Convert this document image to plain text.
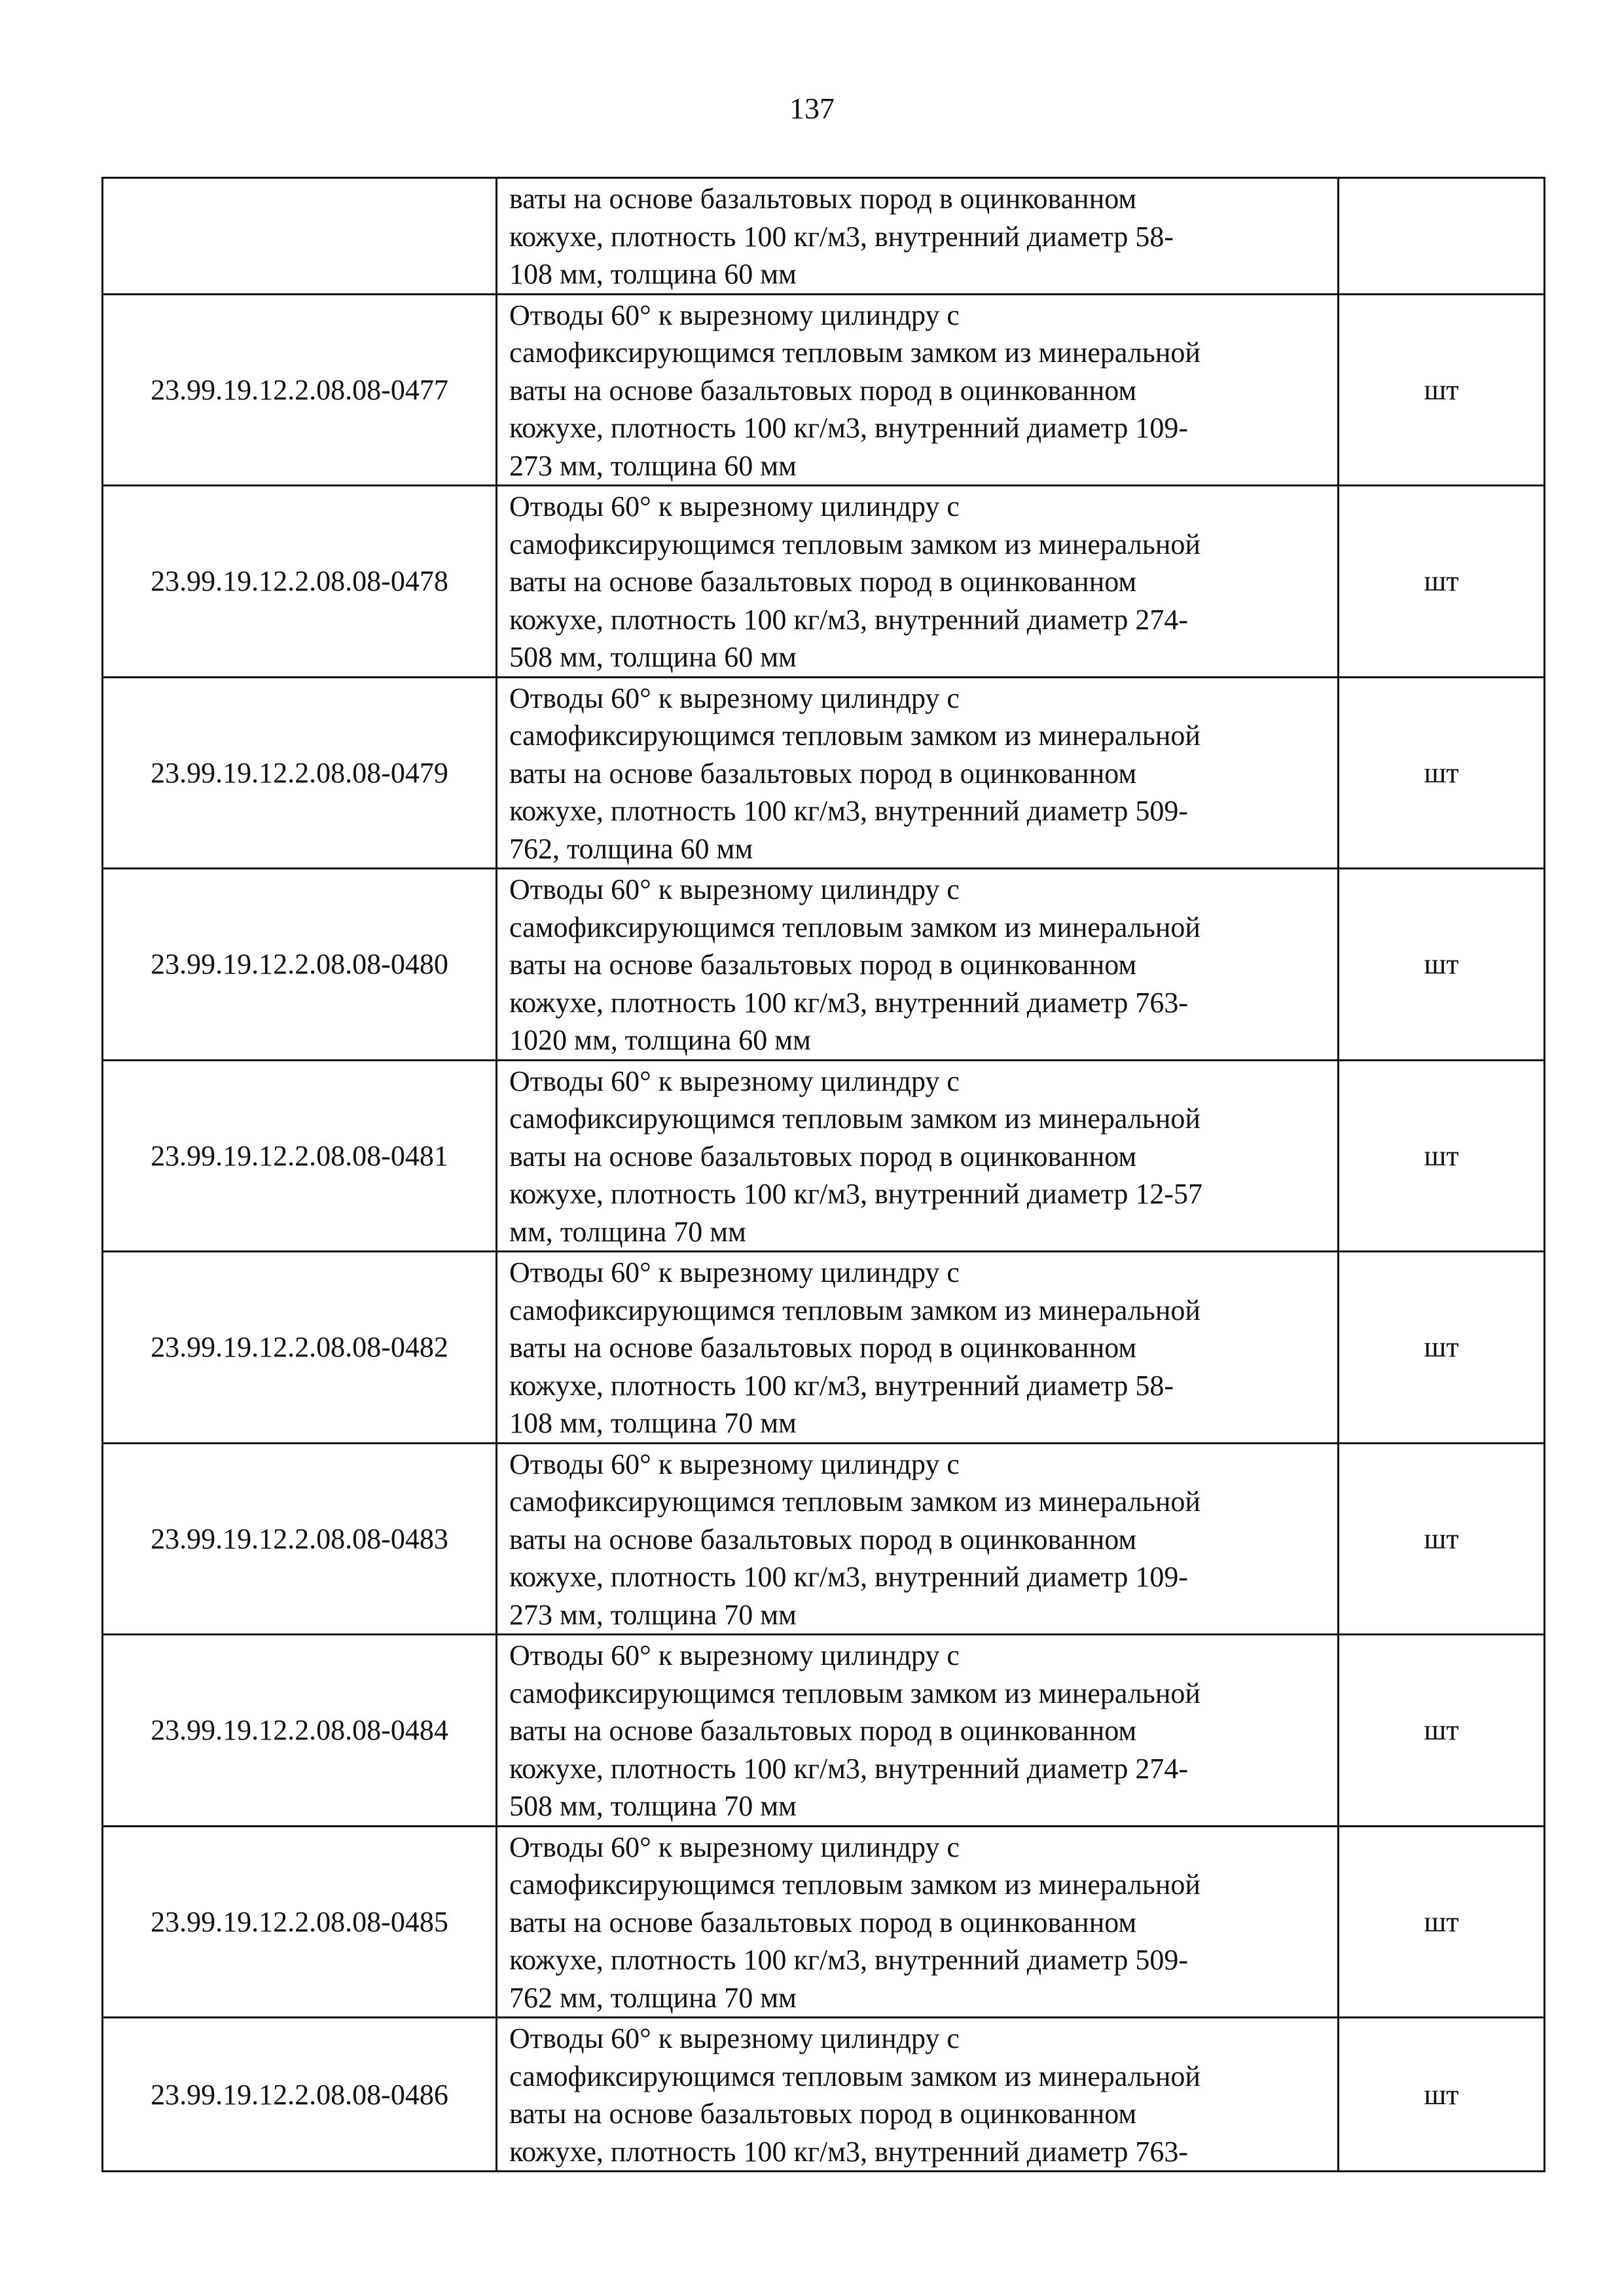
137

	ваты на основе базальтовых пород в оцинкованном
кожухе, плотность 100 кг/м3, внутренний диаметр 58-
108 мм, толщина 60 мм	

23.99.19.12.2.08.08-0477	Отводы 60° к вырезному цилиндру с
самофиксирующимся тепловым замком из минеральной
ваты на основе базальтовых пород в оцинкованном
кожухе, плотность 100 кг/м3, внутренний диаметр 109-
273 мм, толщина 60 мм	шт
23.99.19.12.2.08.08-0478	Отводы 60° к вырезному цилиндру с
самофиксирующимся тепловым замком из минеральной
ваты на основе базальтовых пород в оцинкованном
кожухе, плотность 100 кг/м3, внутренний диаметр 274-
508 мм, толщина 60 мм	шт
23.99.19.12.2.08.08-0479	Отводы 60° к вырезному цилиндру с
самофиксирующимся тепловым замком из минеральной
ваты на основе базальтовых пород в оцинкованном
кожухе, плотность 100 кг/м3, внутренний диаметр 509-
762, толщина 60 мм	шт
23.99.19.12.2.08.08-0480	Отводы 60° к вырезному цилиндру с
самофиксирующимся тепловым замком из минеральной
ваты на основе базальтовых пород в оцинкованном
кожухе, плотность 100 кг/м3, внутренний диаметр 763-
1020 мм, толщина 60 мм	шт
23.99.19.12.2.08.08-0481	Отводы 60° к вырезному цилиндру с
самофиксирующимся тепловым замком из минеральной
ваты на основе базальтовых пород в оцинкованном
кожухе, плотность 100 кг/м3, внутренний диаметр 12-57
мм, толщина 70 мм	шт
23.99.19.12.2.08.08-0482	Отводы 60° к вырезному цилиндру с
самофиксирующимся тепловым замком из минеральной
ваты на основе базальтовых пород в оцинкованном
кожухе, плотность 100 кг/м3, внутренний диаметр 58-
108 мм, толщина 70 мм	шт
23.99.19.12.2.08.08-0483	Отводы 60° к вырезному цилиндру с
самофиксирующимся тепловым замком из минеральной
ваты на основе базальтовых пород в оцинкованном
кожухе, плотность 100 кг/м3, внутренний диаметр 109-
273 мм, толщина 70 мм	шт
23.99.19.12.2.08.08-0484	Отводы 60° к вырезному цилиндру с
самофиксирующимся тепловым замком из минеральной
ваты на основе базальтовых пород в оцинкованном
кожухе, плотность 100 кг/м3, внутренний диаметр 274-
508 мм, толщина 70 мм	шт
23.99.19.12.2.08.08-0485	Отводы 60° к вырезному цилиндру с
самофиксирующимся тепловым замком из минеральной
ваты на основе базальтовых пород в оцинкованном
кожухе, плотность 100 кг/м3, внутренний диаметр 509-
762 мм, толщина 70 мм	шт
23.99.19.12.2.08.08-0486	Отводы 60° к вырезному цилиндру с
самофиксирующимся тепловым замком из минеральной
ваты на основе базальтовых пород в оцинкованном
кожухе, плотность 100 кг/м3, внутренний диаметр 763-	шт
